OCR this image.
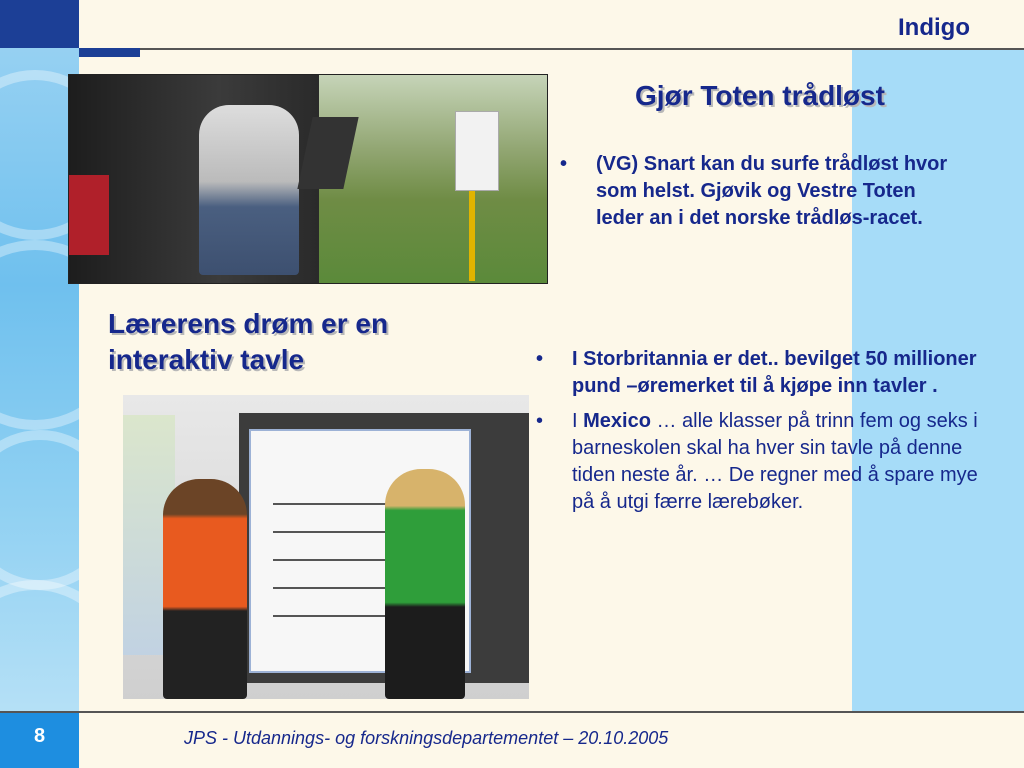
Indigo
Gjør Toten trådløst
• (VG) Snart kan du surfe trådløst hvor som helst. Gjøvik og Vestre Toten leder an i det norske trådløs-racet.
Lærerens drøm er en interaktiv tavle	• I Storbritannia er det.. bevilget 50 millioner pund –øremerket til å kjøpe inn tavler .
• I Mexico … alle klasser på trinn fem og seks i barneskolen skal ha hver sin tavle på denne tiden neste år. … De regner med å spare mye på å utgi færre lærebøker.
8	JPS - Utdannings- og forskningsdepartementet – 20.10.2005
